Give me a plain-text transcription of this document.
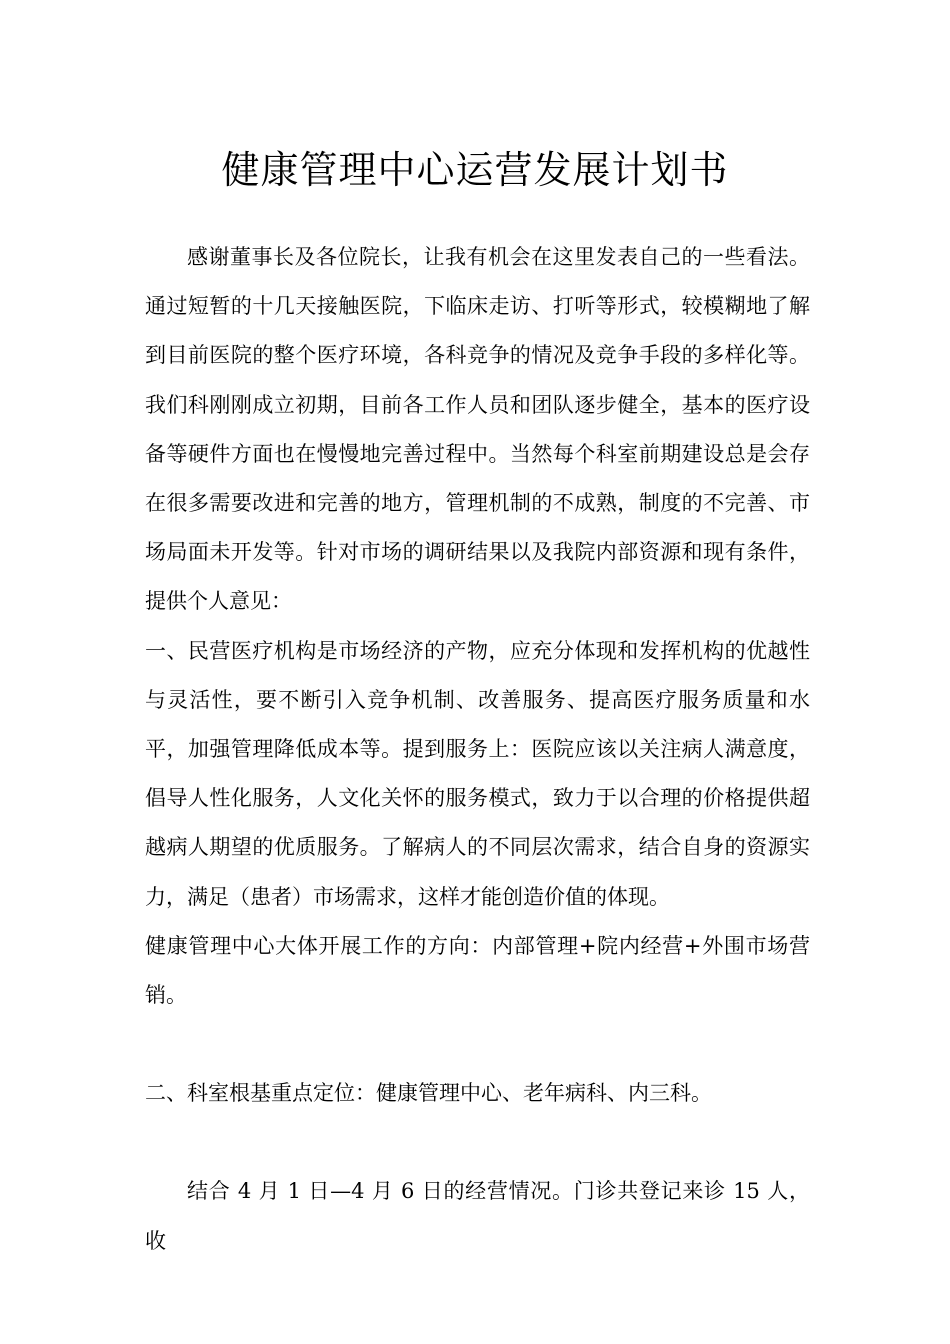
健康管理中心运营发展计划书

感谢董事长及各位院长，让我有机会在这里发表自己的一些看法。通过短暂的十几天接触医院，下临床走访、打听等形式，较模糊地了解到目前医院的整个医疗环境，各科竞争的情况及竞争手段的多样化等。 我们科刚刚成立初期，目前各工作人员和团队逐步健全，基本的医疗设备等硬件方面也在慢慢地完善过程中。当然每个科室前期建设总是会存在很多需要改进和完善的地方，管理机制的不成熟，制度的不完善、市场局面未开发等。针对市场的调研结果以及我院内部资源和现有条件，提供个人意见：

一、民营医疗机构是市场经济的产物，应充分体现和发挥机构的优越性与灵活性，要不断引入竞争机制、改善服务、提高医疗服务质量和水平，加强管理降低成本等。提到服务上：医院应该以关注病人满意度，倡导人性化服务，人文化关怀的服务模式，致力于以合理的价格提供超越病人期望的优质服务。了解病人的不同层次需求，结合自身的资源实力，满足（患者）市场需求，这样才能创造价值的体现。

健康管理中心大体开展工作的方向：内部管理+院内经营+外围市场营销。

二、科室根基重点定位：健康管理中心、老年病科、内三科。

结合 4 月 1 日—4 月 6 日的经营情况。门诊共登记来诊 15 人，收
